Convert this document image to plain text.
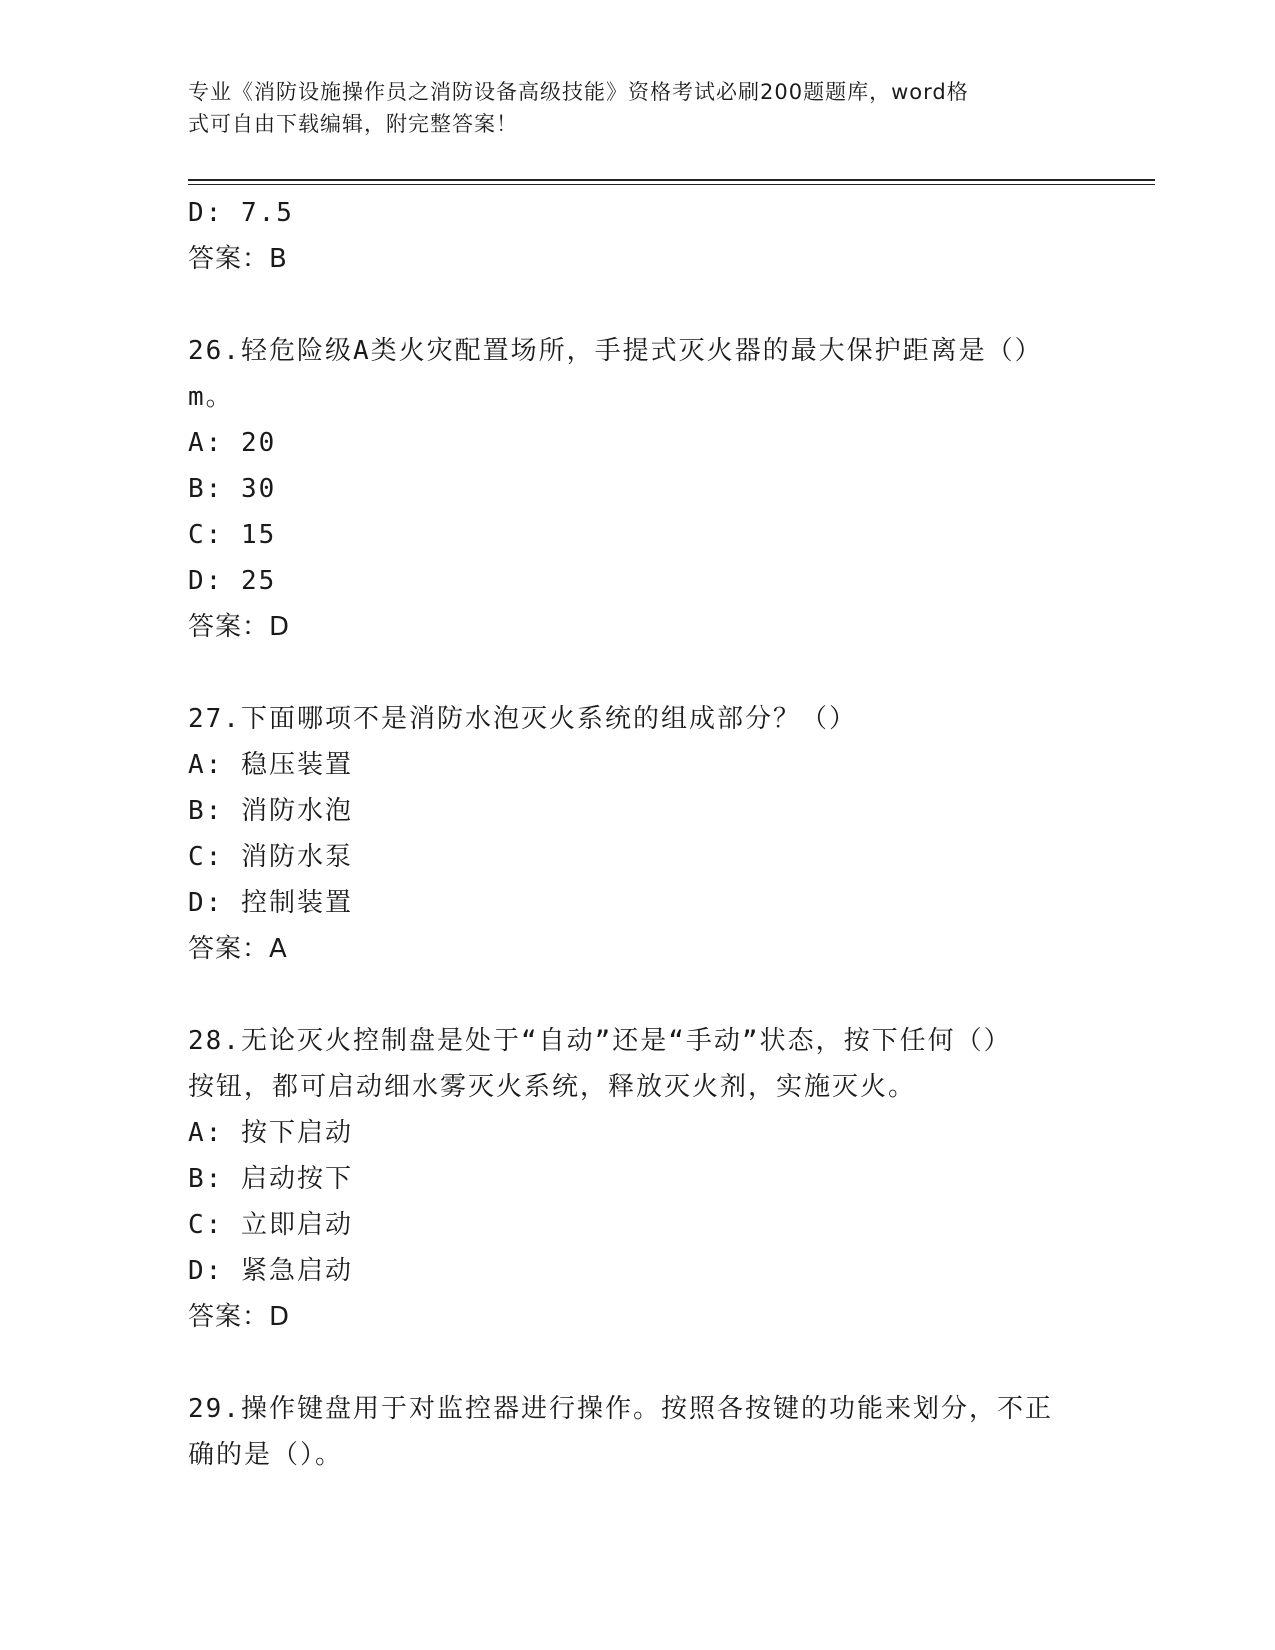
专业《消防设施操作员之消防设备高级技能》资格考试必刷200题题库，word格
式可自由下载编辑，附完整答案！
D: 7.5
答案：B
26.轻危险级A类火灾配置场所，手提式灭火器的最大保护距离是（）
m。
A: 20
B: 30
C: 15
D: 25
答案：D
27.下面哪项不是消防水泡灭火系统的组成部分？（）
A: 稳压装置
B: 消防水泡
C: 消防水泵
D: 控制装置
答案：A
28.无论灭火控制盘是处于“自动”还是“手动”状态，按下任何（）
按钮，都可启动细水雾灭火系统，释放灭火剂，实施灭火。
A: 按下启动
B: 启动按下
C: 立即启动
D: 紧急启动
答案：D
29.操作键盘用于对监控器进行操作。按照各按键的功能来划分，不正
确的是（）。
